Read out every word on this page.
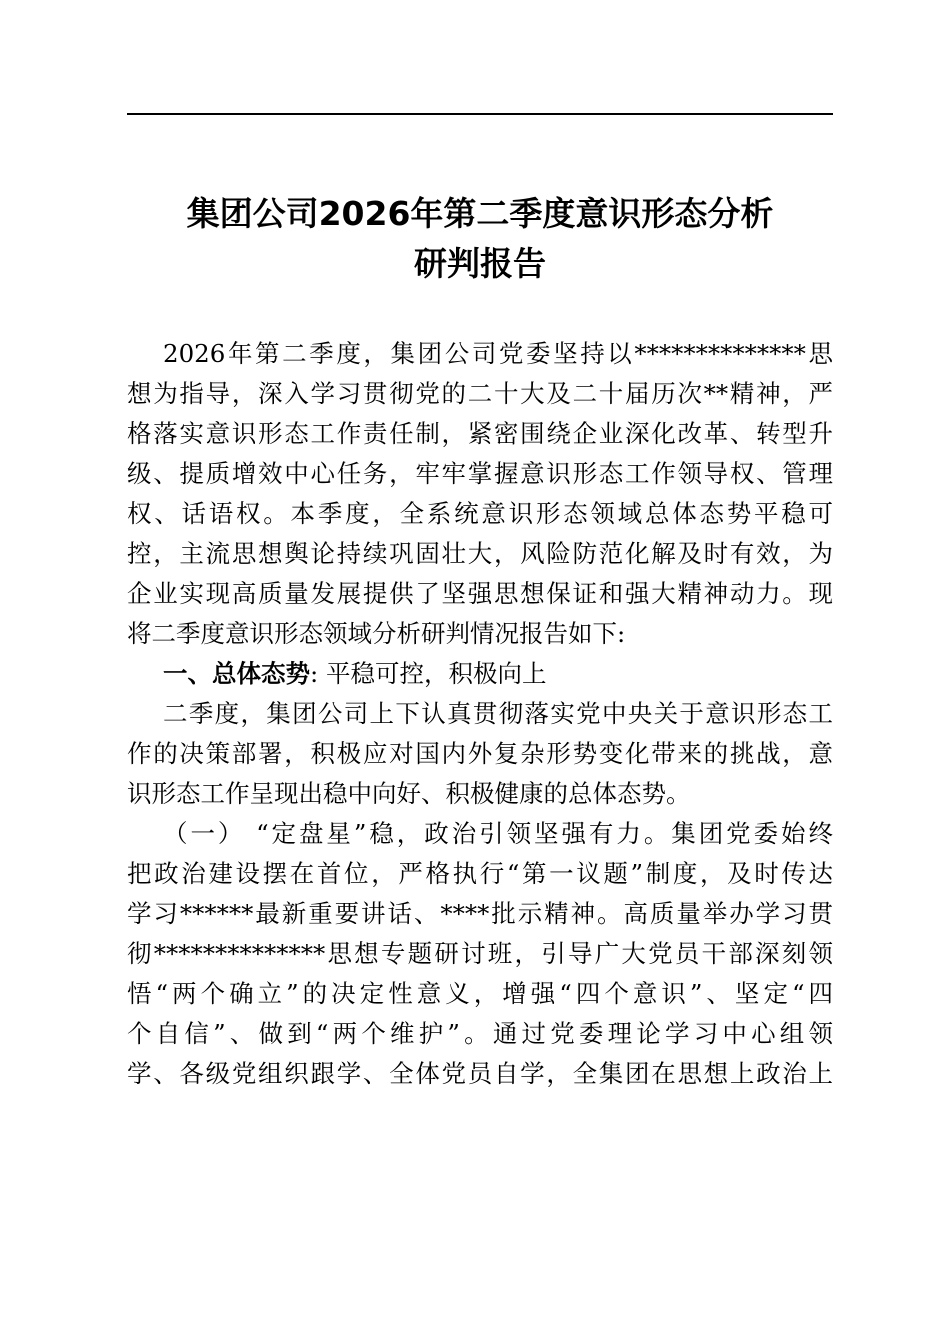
集团公司2026年第二季度意识形态分析
研判报告
2026年第二季度，集团公司党委坚持以**************思
想为指导，深入学习贯彻党的二十大及二十届历次**精神，严
格落实意识形态工作责任制，紧密围绕企业深化改革、转型升
级、提质增效中心任务，牢牢掌握意识形态工作领导权、管理
权、话语权。本季度，全系统意识形态领域总体态势平稳可
控，主流思想舆论持续巩固壮大，风险防范化解及时有效，为
企业实现高质量发展提供了坚强思想保证和强大精神动力。现
将二季度意识形态领域分析研判情况报告如下:
一、总体态势: 平稳可控，积极向上
二季度，集团公司上下认真贯彻落实党中央关于意识形态工
作的决策部署，积极应对国内外复杂形势变化带来的挑战，意
识形态工作呈现出稳中向好、积极健康的总体态势。
（一） “定盘星”稳，政治引领坚强有力。集团党委始终
把政治建设摆在首位，严格执行“第一议题”制度，及时传达
学习******最新重要讲话、****批示精神。高质量举办学习贯
彻**************思想专题研讨班，引导广大党员干部深刻领
悟“两个确立”的决定性意义，增强“四个意识”、坚定“四
个自信”、做到“两个维护”。通过党委理论学习中心组领
学、各级党组织跟学、全体党员自学，全集团在思想上政治上
